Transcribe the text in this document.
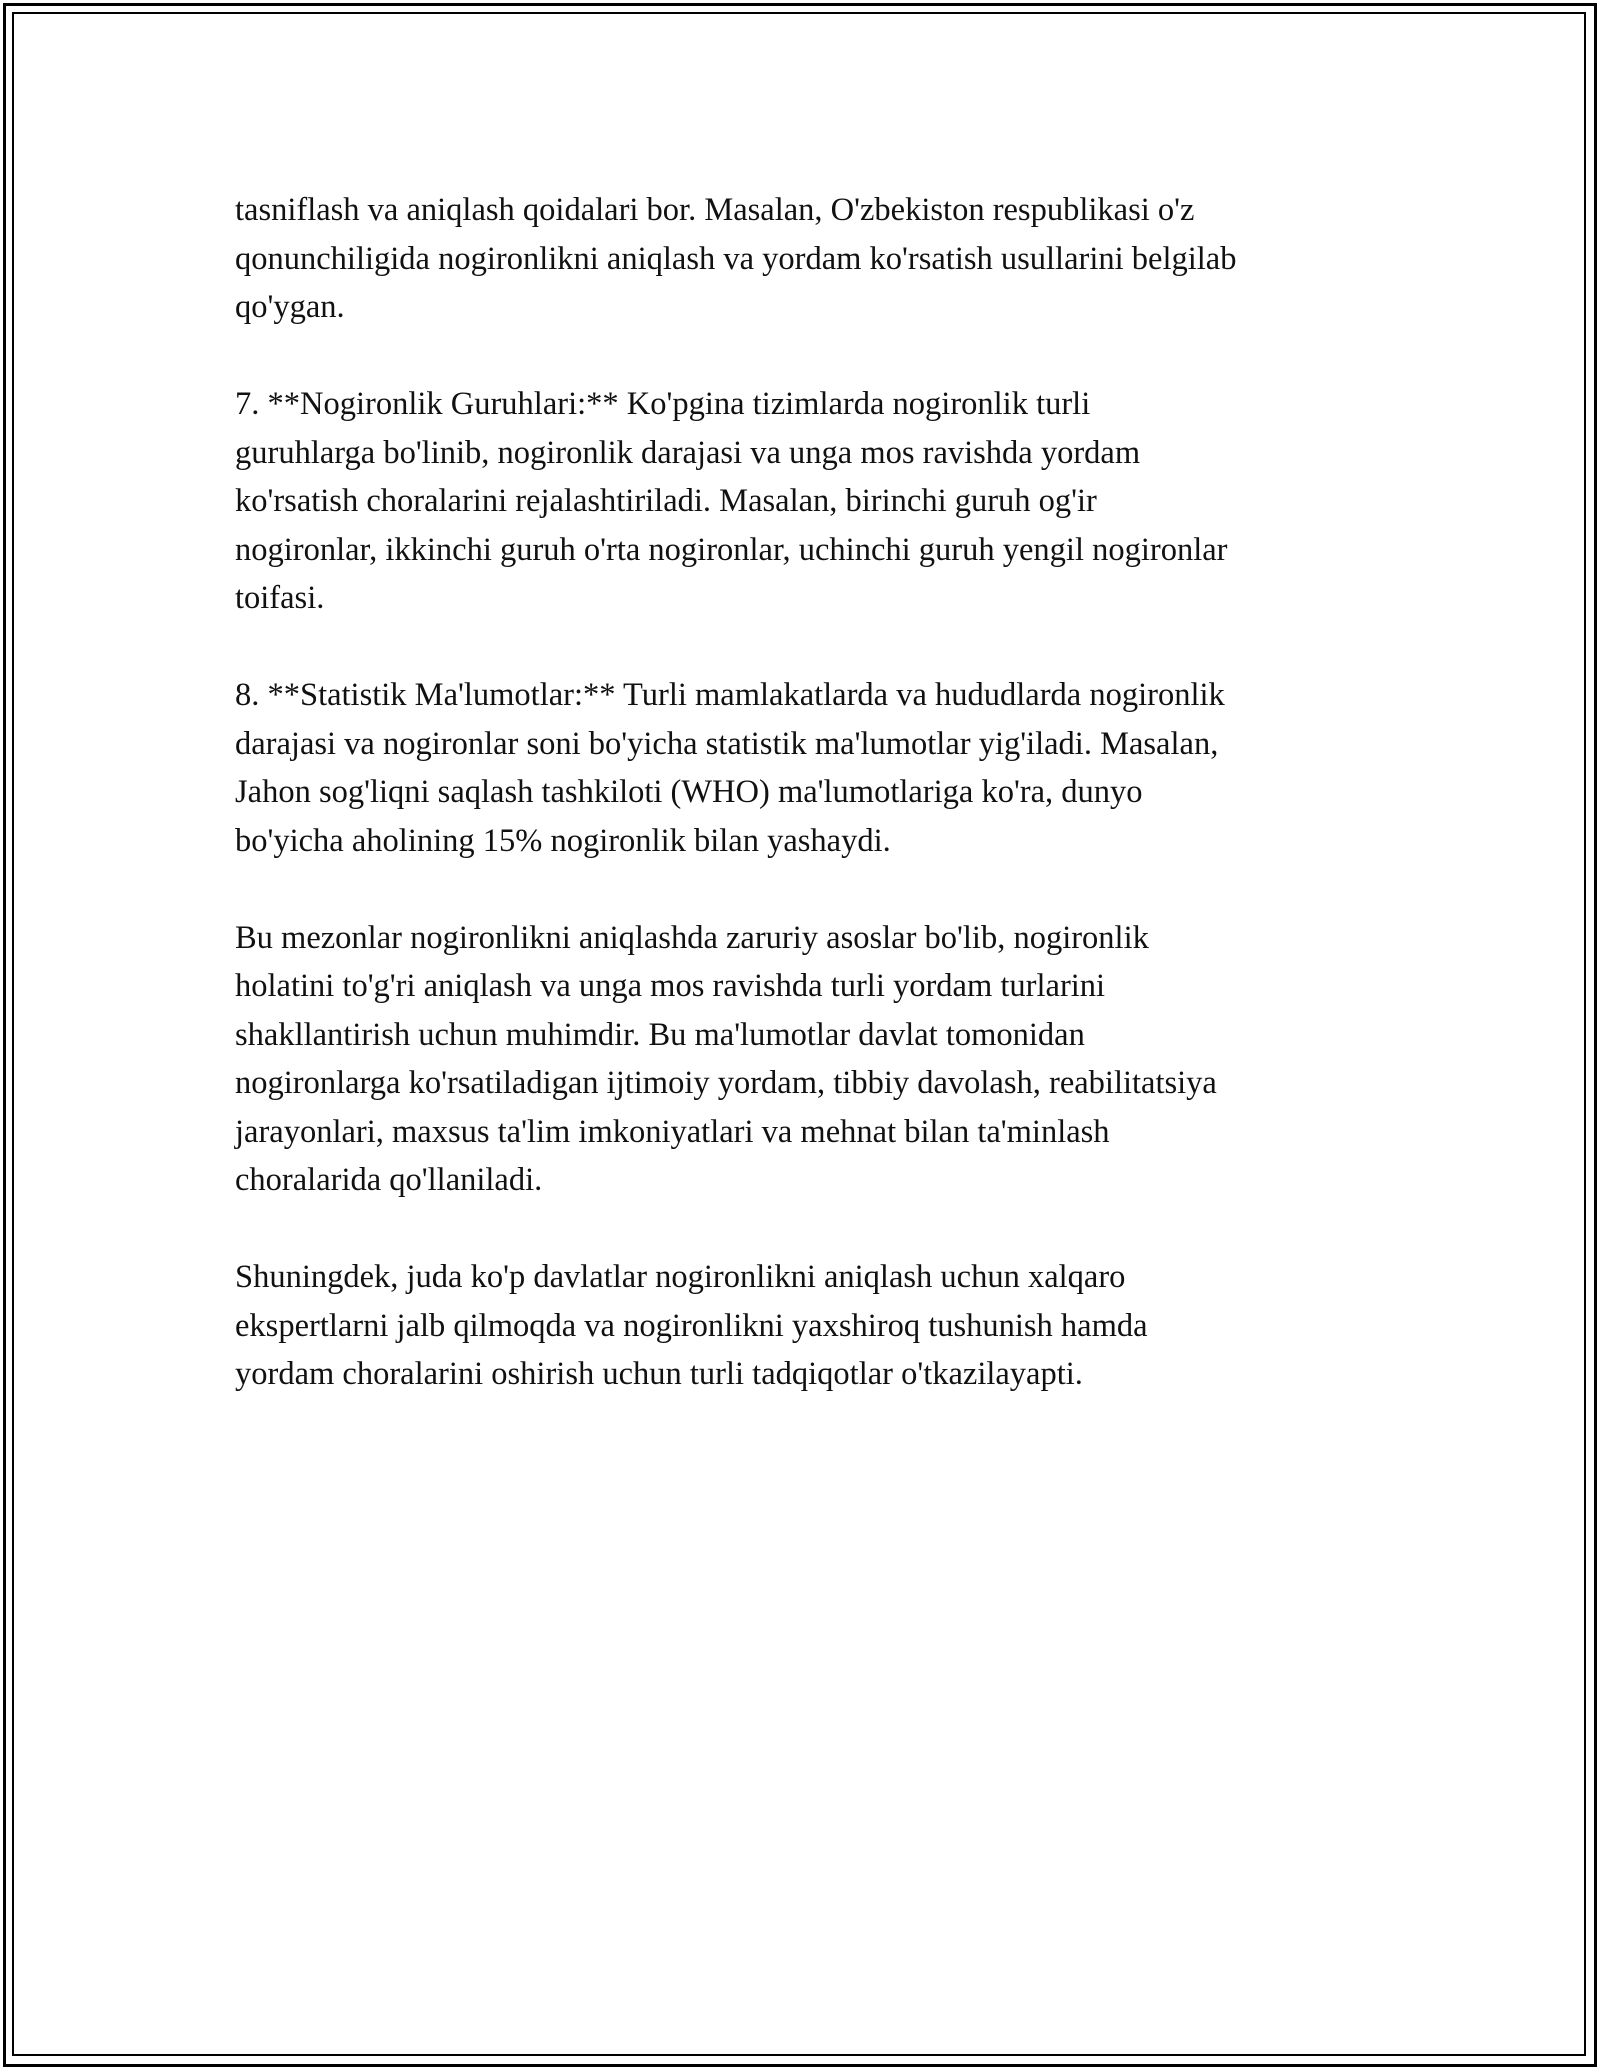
tasniflash va aniqlash qoidalari bor. Masalan, O'zbekiston respublikasi o'z
qonunchiligida nogironlikni aniqlash va yordam ko'rsatish usullarini belgilab
qo'ygan.

7. **Nogironlik Guruhlari:** Ko'pgina tizimlarda nogironlik turli
guruhlarga bo'linib, nogironlik darajasi va unga mos ravishda yordam
ko'rsatish choralarini rejalashtiriladi. Masalan, birinchi guruh og'ir
nogironlar, ikkinchi guruh o'rta nogironlar, uchinchi guruh yengil nogironlar
toifasi.

8. **Statistik Ma'lumotlar:** Turli mamlakatlarda va hududlarda nogironlik
darajasi va nogironlar soni bo'yicha statistik ma'lumotlar yig'iladi. Masalan,
Jahon sog'liqni saqlash tashkiloti (WHO) ma'lumotlariga ko'ra, dunyo
bo'yicha aholining 15% nogironlik bilan yashaydi.

Bu mezonlar nogironlikni aniqlashda zaruriy asoslar bo'lib, nogironlik
holatini to'g'ri aniqlash va unga mos ravishda turli yordam turlarini
shakllantirish uchun muhimdir. Bu ma'lumotlar davlat tomonidan
nogironlarga ko'rsatiladigan ijtimoiy yordam, tibbiy davolash, reabilitatsiya
jarayonlari, maxsus ta'lim imkoniyatlari va mehnat bilan ta'minlash
choralarida qo'llaniladi.

Shuningdek, juda ko'p davlatlar nogironlikni aniqlash uchun xalqaro
ekspertlarni jalb qilmoqda va nogironlikni yaxshiroq tushunish hamda
yordam choralarini oshirish uchun turli tadqiqotlar o'tkazilayapti.
